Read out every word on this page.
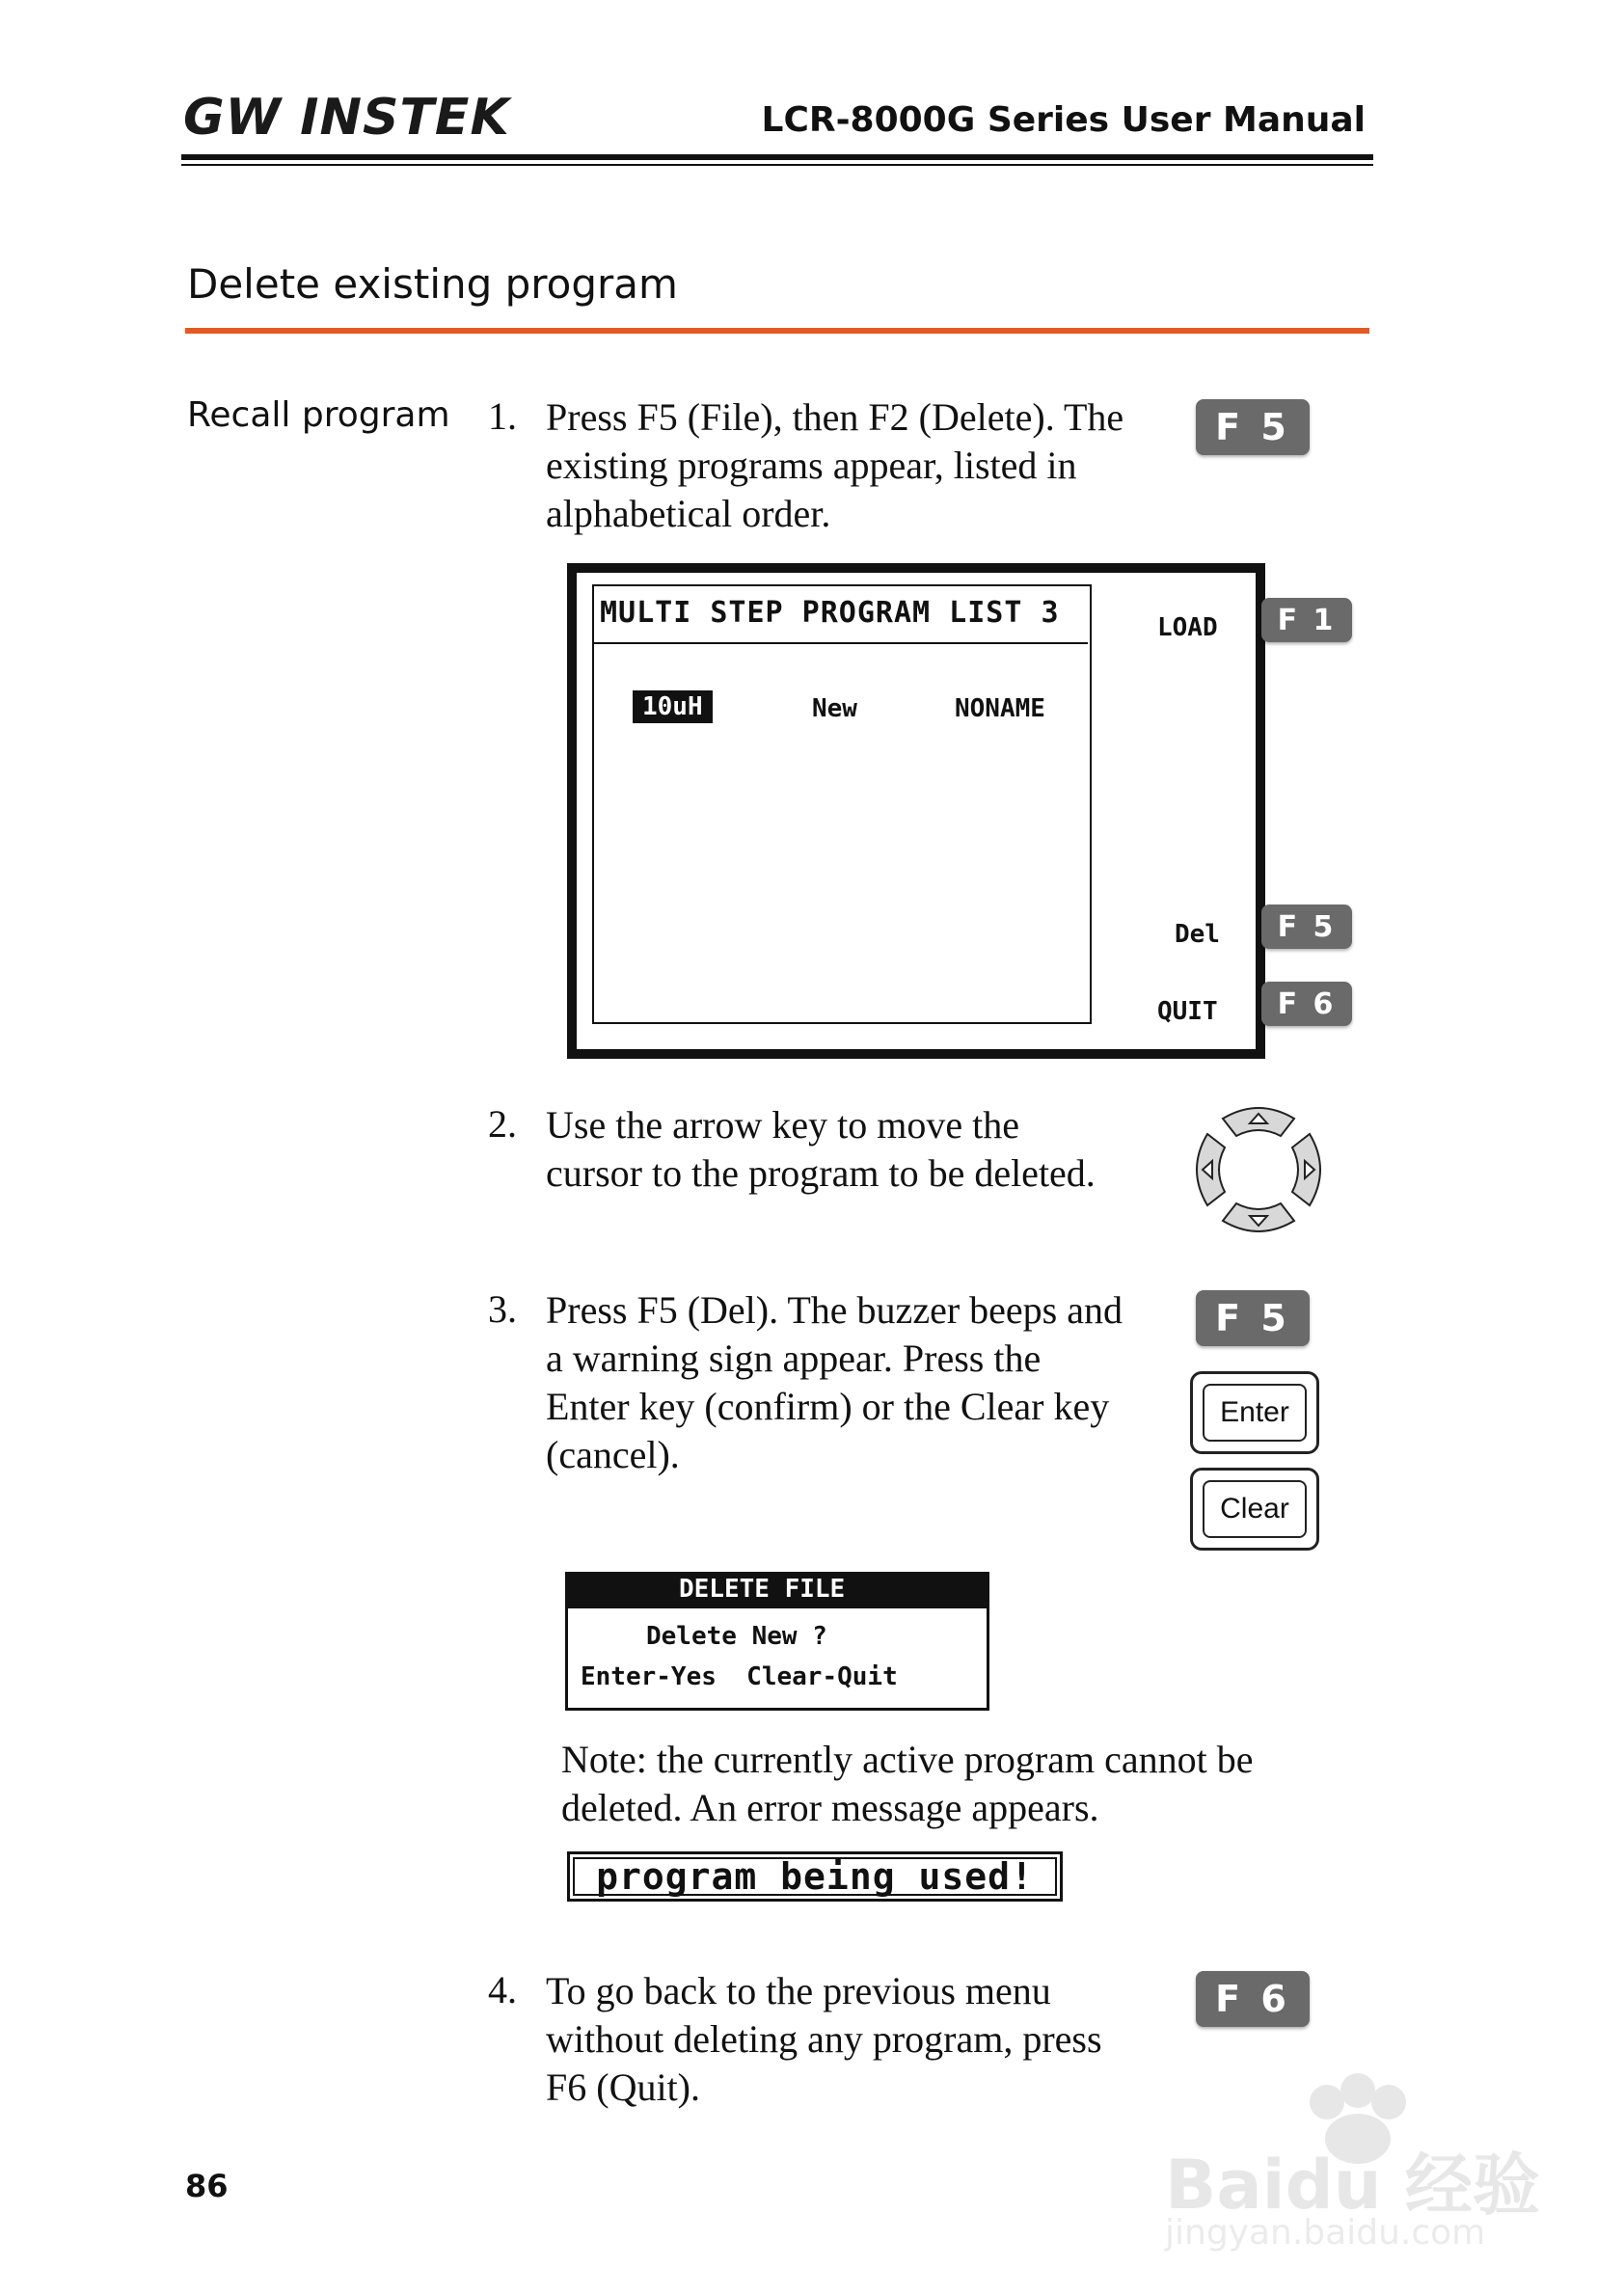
GW INSTEK	LCR-8000G Series User Manual
Delete existing program
Recall program 1. Press F5 (File), then F2 (Delete). The
existing programs appear, listed in
alphabetical order.
F 5
MULTI STEP PROGRAM LIST 3
10uH	New	NONAME
LOAD
Del
QUIT
F 1
F 5
F 6
2. Use the arrow key to move the
cursor to the program to be deleted.
3. Press F5 (Del). The buzzer beeps and
a warning sign appear. Press the
Enter key (confirm) or the Clear key
(cancel).
F 5
Enter
Clear
DELETE FILE
Delete New ?
Enter-Yes  Clear-Quit
Note: the currently active program cannot be
deleted. An error message appears.
program being used!
4. To go back to the previous menu
without deleting any program, press
F6 (Quit).
F 6
86	Baidu 经验
jingyan.baidu.com
